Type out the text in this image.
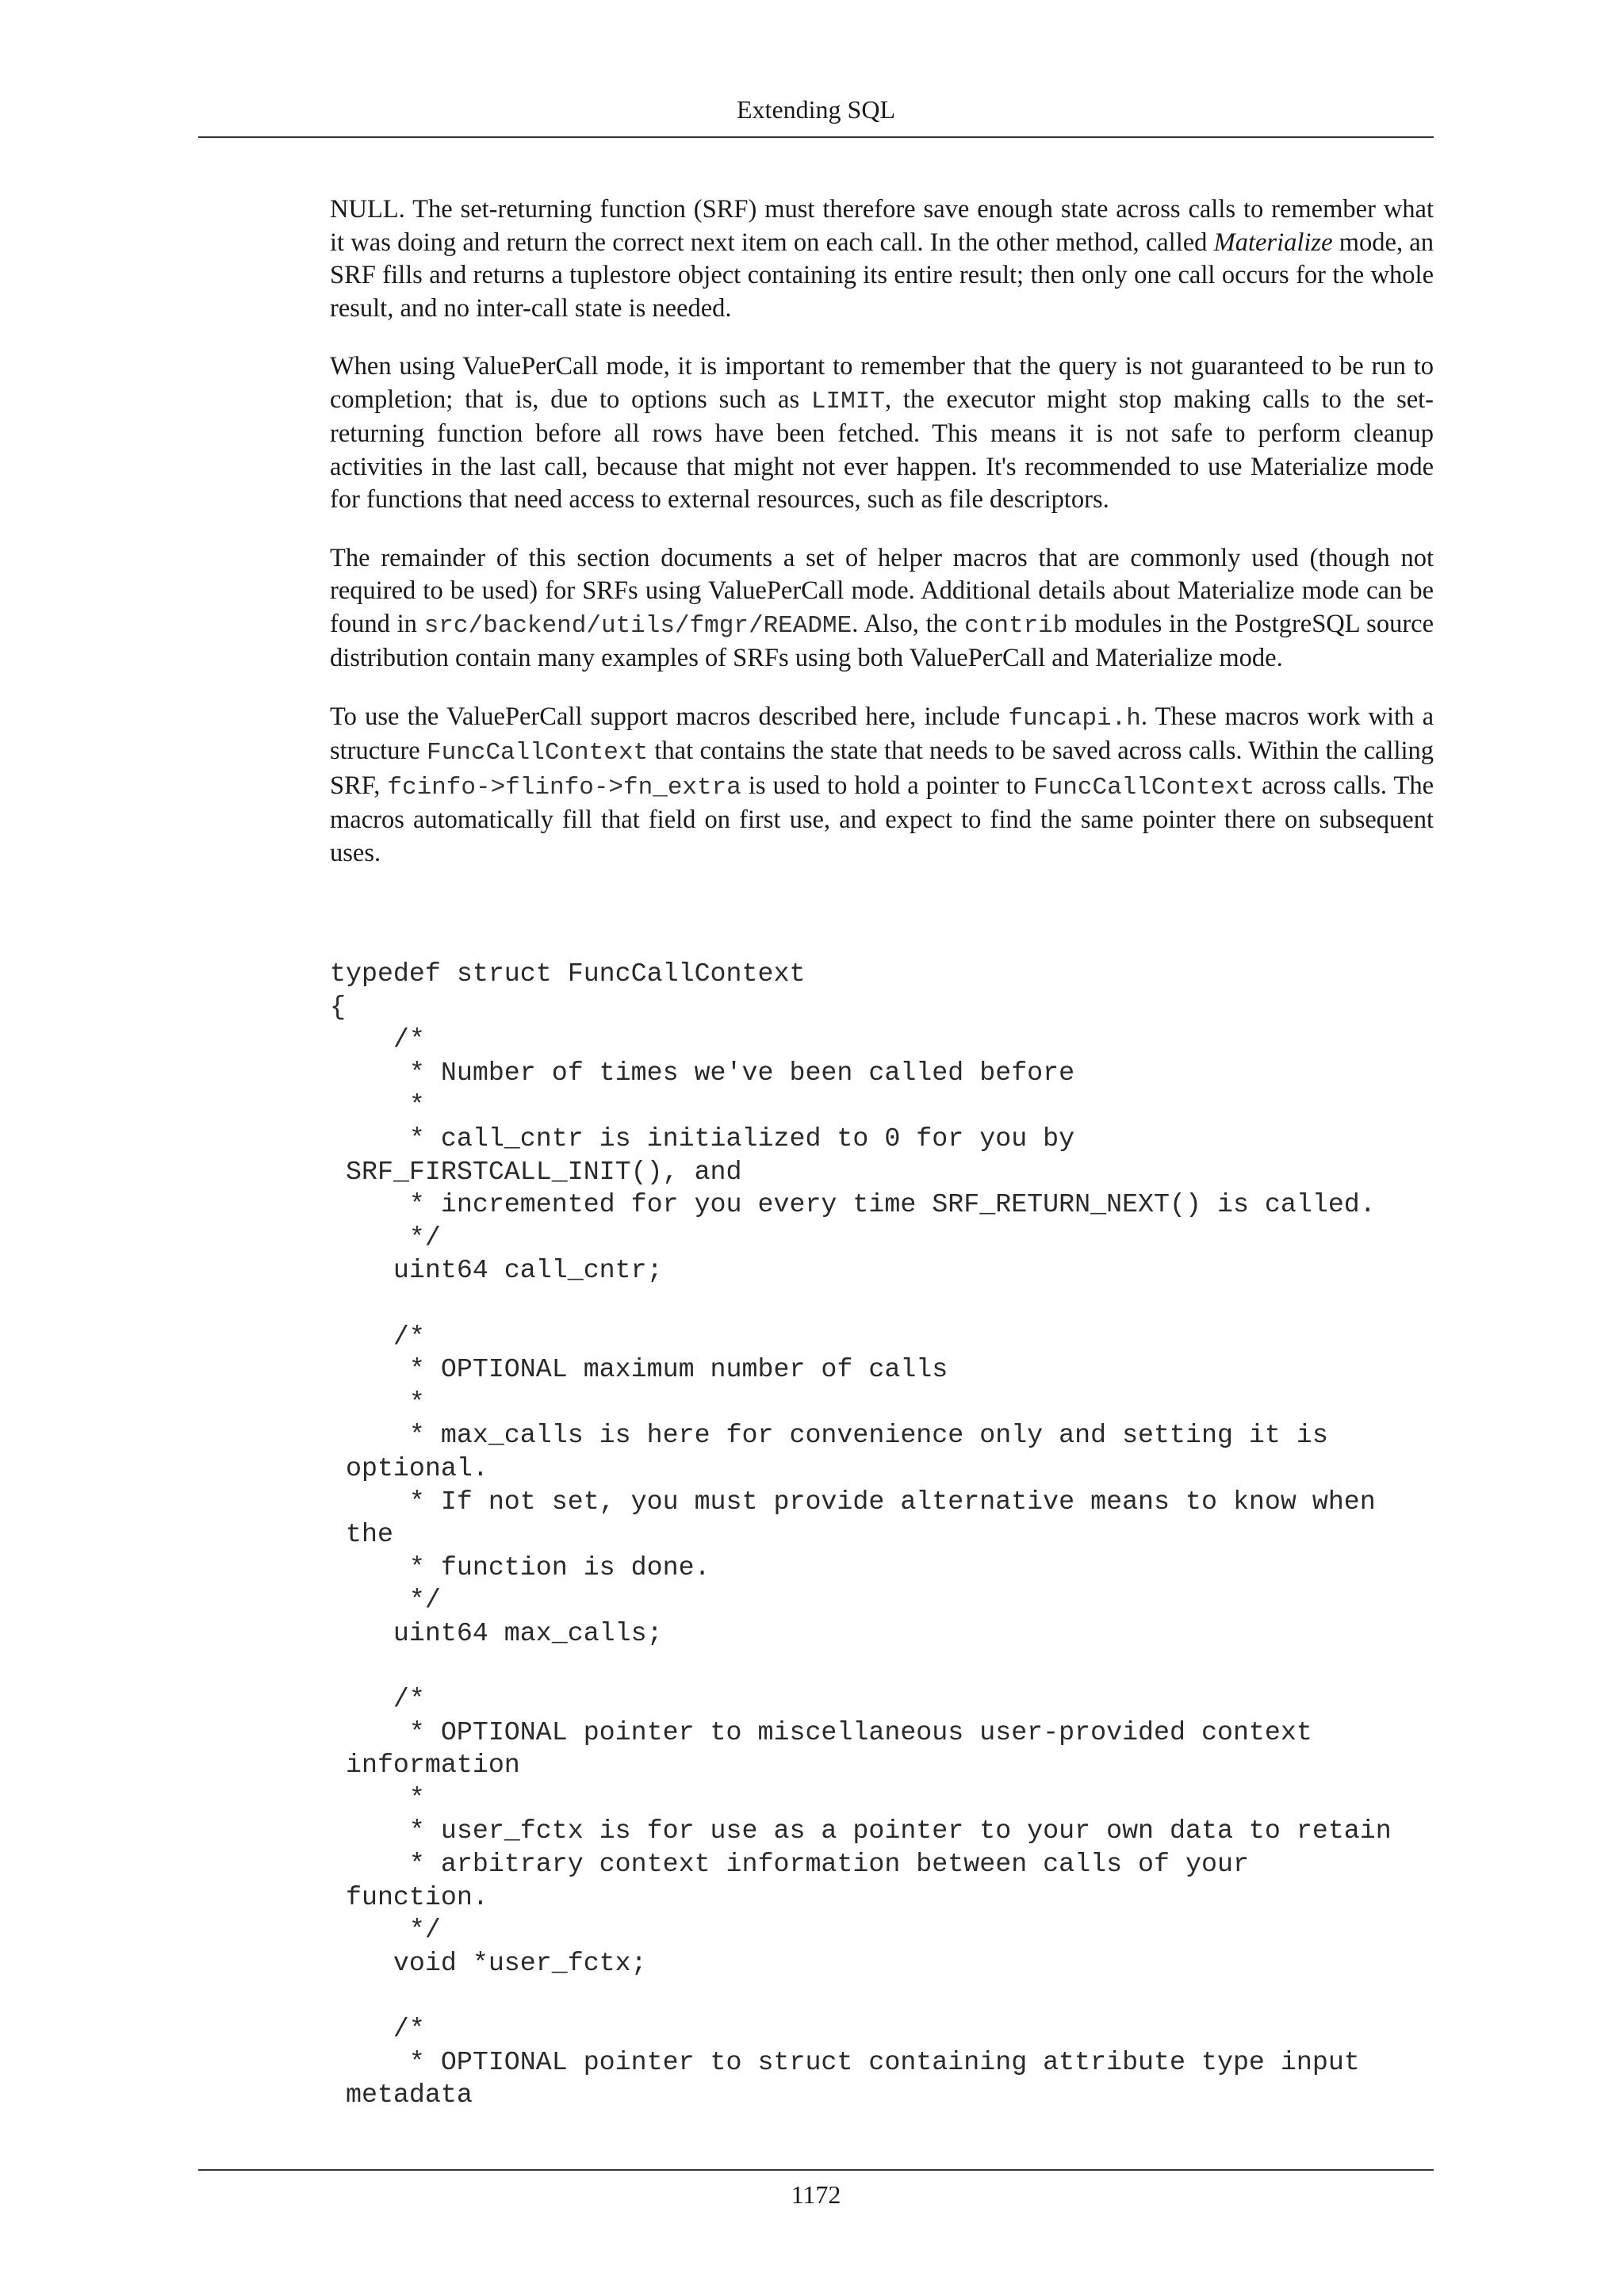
Extending SQL

NULL. The set-returning function (SRF) must therefore save enough state across calls to remember what it was doing and return the correct next item on each call. In the other method, called Materialize mode, an SRF fills and returns a tuplestore object containing its entire result; then only one call occurs for the whole result, and no inter-call state is needed.

When using ValuePerCall mode, it is important to remember that the query is not guaranteed to be run to completion; that is, due to options such as LIMIT, the executor might stop making calls to the set-returning function before all rows have been fetched. This means it is not safe to perform cleanup activities in the last call, because that might not ever happen. It's recommended to use Materialize mode for functions that need access to external resources, such as file descriptors.

The remainder of this section documents a set of helper macros that are commonly used (though not required to be used) for SRFs using ValuePerCall mode. Additional details about Materialize mode can be found in src/backend/utils/fmgr/README. Also, the contrib modules in the PostgreSQL source distribution contain many examples of SRFs using both ValuePerCall and Materialize mode.

To use the ValuePerCall support macros described here, include funcapi.h. These macros work with a structure FuncCallContext that contains the state that needs to be saved across calls. Within the calling SRF, fcinfo->flinfo->fn_extra is used to hold a pointer to FuncCallContext across calls. The macros automatically fill that field on first use, and expect to find the same pointer there on subsequent uses.

typedef struct FuncCallContext
{
/*
* Number of times we've been called before
*
* call_cntr is initialized to 0 for you by
SRF_FIRSTCALL_INIT(), and
* incremented for you every time SRF_RETURN_NEXT() is called.
*/
uint64 call_cntr;
/*
* OPTIONAL maximum number of calls
*
* max_calls is here for convenience only and setting it is
optional.
* If not set, you must provide alternative means to know when
the
* function is done.
*/
uint64 max_calls;
/*
* OPTIONAL pointer to miscellaneous user-provided context
information
*
* user_fctx is for use as a pointer to your own data to retain
* arbitrary context information between calls of your
function.
*/
void *user_fctx;
/*
* OPTIONAL pointer to struct containing attribute type input
metadata
1172
